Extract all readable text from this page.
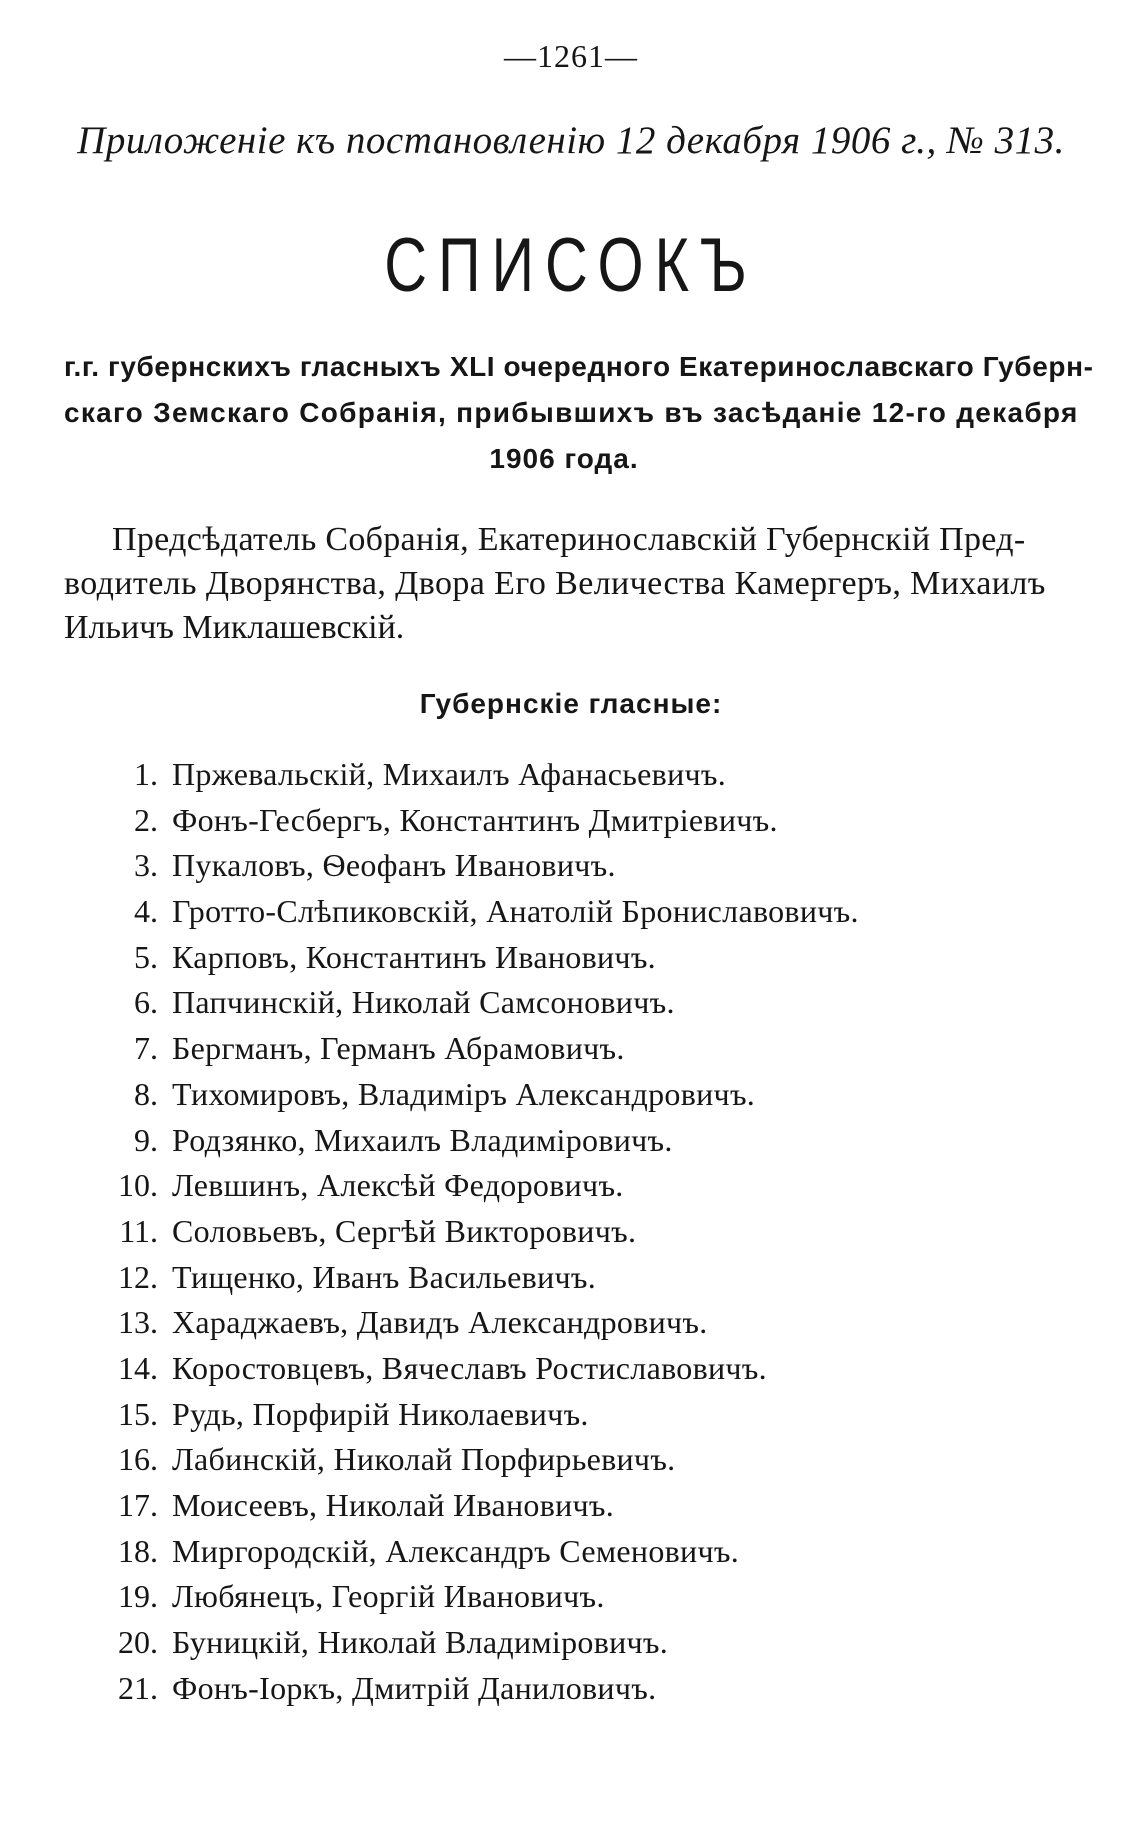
—1261—
Приложеніе къ постановленію 12 декабря 1906 г., № 313.
СПИСОКЪ
г.г. губернскихъ гласныхъ XLI очередного Екатеринославскаго Губерн-
скаго Земскаго Собранія, прибывшихъ въ засѣданіе 12-го декабря
1906 года.
Предсѣдатель Собранія, Екатеринославскій Губернскій Пред-
водитель Дворянства, Двора Его Величества Камергеръ, Михаилъ
Ильичъ Миклашевскій.
Губернскіе гласные:
1. Пржевальскій, Михаилъ Афанасьевичъ.
2. Фонъ-Гесбергъ, Константинъ Дмитріевичъ.
3. Пукаловъ, Ѳеофанъ Ивановичъ.
4. Гротто-Слѣпиковскій, Анатолій Брониславовичъ.
5. Карповъ, Константинъ Ивановичъ.
6. Папчинскій, Николай Самсоновичъ.
7. Бергманъ, Германъ Абрамовичъ.
8. Тихомировъ, Владиміръ Александровичъ.
9. Родзянко, Михаилъ Владиміровичъ.
10. Левшинъ, Алексѣй Федоровичъ.
11. Соловьевъ, Сергѣй Викторовичъ.
12. Тищенко, Иванъ Васильевичъ.
13. Хараджаевъ, Давидъ Александровичъ.
14. Коростовцевъ, Вячеславъ Ростиславовичъ.
15. Рудь, Порфирій Николаевичъ.
16. Лабинскій, Николай Порфирьевичъ.
17. Моисеевъ, Николай Ивановичъ.
18. Миргородскій, Александръ Семеновичъ.
19. Любянецъ, Георгій Ивановичъ.
20. Буницкій, Николай Владиміровичъ.
21. Фонъ-Іоркъ, Дмитрій Даниловичъ.
